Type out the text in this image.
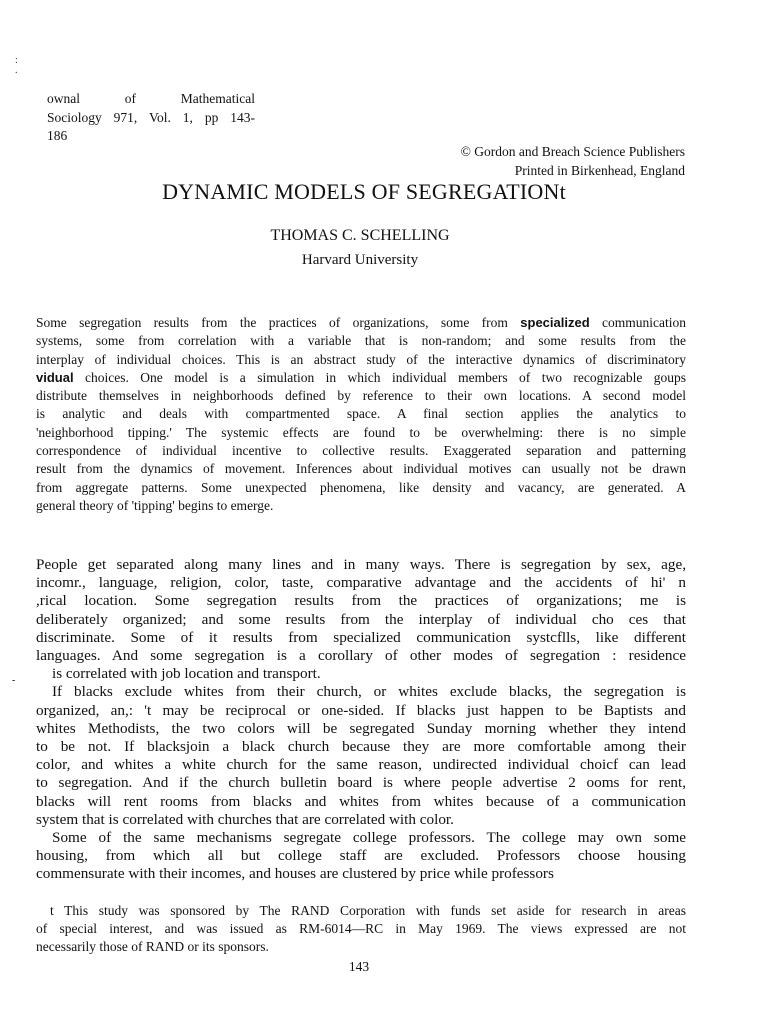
:
.
ownal of Mathematical
Sociology 971, Vol. 1, pp 143-
186
© Gordon and Breach Science Publishers
Printed in Birkenhead, England
DYNAMIC MODELS OF SEGREGATIONt
THOMAS C. SCHELLING
Harvard University
Some segregation results from the practices of organizations, some from specialized communication
systems, some from correlation with a variable that is non-random; and some results from the
interplay of individual choices. This is an abstract study of the interactive dynamics of discriminatory
vidual choices. One model is a simulation in which individual members of two recognizable goups
distribute themselves in neighborhoods defined by reference to their own locations. A second model
is analytic and deals with compartmented space. A final section applies the analytics to
'neighborhood tipping.' The systemic effects are found to be overwhelming: there is no simple
correspondence of individual incentive to collective results. Exaggerated separation and patterning
result from the dynamics of movement. Inferences about individual motives can usually not be drawn
from aggregate patterns. Some unexpected phenomena, like density and vacancy, are generated. A
general theory of 'tipping' begins to emerge.
-
People get separated along many lines and in many ways. There is segregation by sex, age,
incomr., language, religion, color, taste, comparative advantage and the accidents of hi' n
,rical location. Some segregation results from the practices of organizations; me is
deliberately organized; and some results from the interplay of individual cho ces that
discriminate. Some of it results from specialized communication systcflls, like different
languages. And some segregation is a corollary of other modes of segregation : residence
is correlated with job location and transport.
If blacks exclude whites from their church, or whites exclude blacks, the segregation is
organized, an,: 't may be reciprocal or one-sided. If blacks just happen to be Baptists and
whites Methodists, the two colors will be segregated Sunday morning whether they intend
to be not. If blacksjoin a black church because they are more comfortable among their
color, and whites a white church for the same reason, undirected individual choicf can lead
to segregation. And if the church bulletin board is where people advertise 2 ooms for rent,
blacks will rent rooms from blacks and whites from whites because of a communication
system that is correlated with churches that are correlated with color.
Some of the same mechanisms segregate college professors. The college may own some
housing, from which all but college staff are excluded. Professors choose housing
commensurate with their incomes, and houses are clustered by price while professors
t This study was sponsored by The RAND Corporation with funds set aside for research in areas
of special interest, and was issued as RM-6014—RC in May 1969. The views expressed are not
necessarily those of RAND or its sponsors.
143
